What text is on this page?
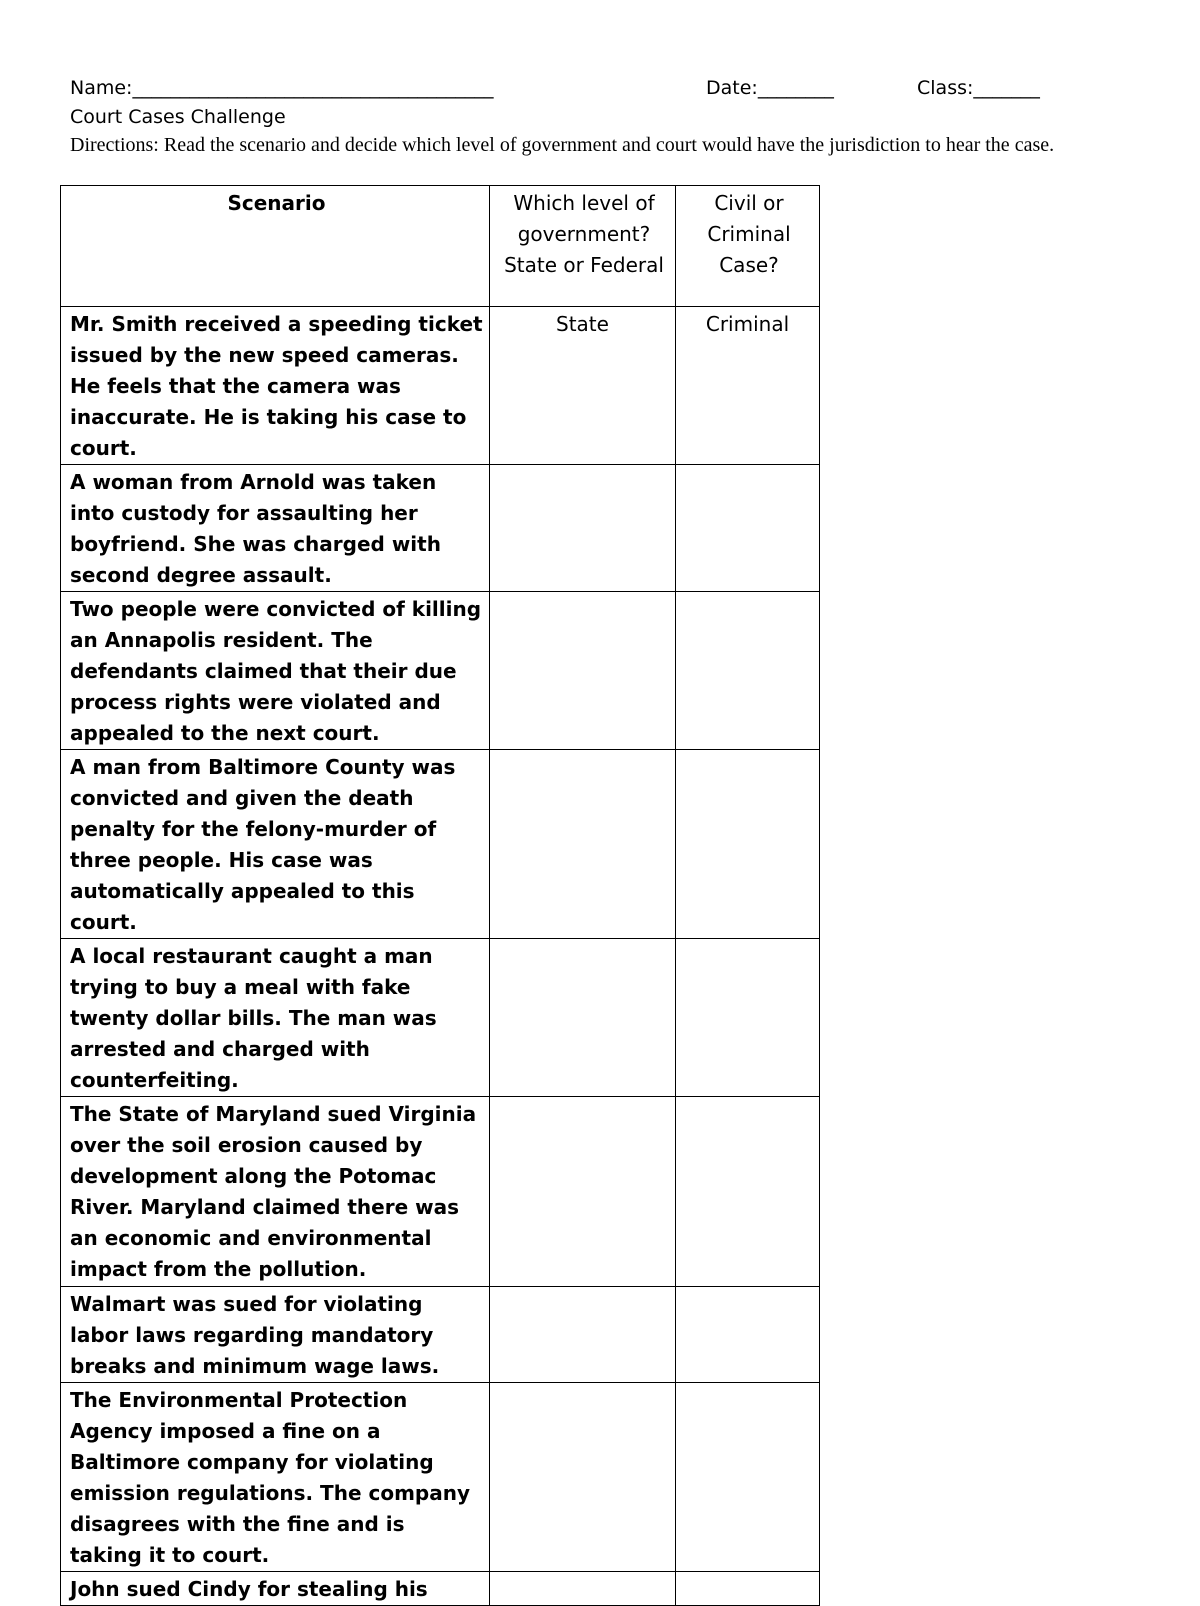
Name:______________________________________	Date:________	Class:_______
Court Cases Challenge
Directions: Read the scenario and decide which level of government and court would have the jurisdiction to hear the case.
Scenario	Which level of government? State or Federal	Civil or Criminal Case?
Mr. Smith received a speeding ticket issued by the new speed cameras. He feels that the camera was inaccurate. He is taking his case to court.	State	Criminal
A woman from Arnold was taken into custody for assaulting her boyfriend. She was charged with second degree assault.		
Two people were convicted of killing an Annapolis resident. The defendants claimed that their due process rights were violated and appealed to the next court.		
A man from Baltimore County was convicted and given the death penalty for the felony-murder of three people. His case was automatically appealed to this court.		
A local restaurant caught a man trying to buy a meal with fake twenty dollar bills. The man was arrested and charged with counterfeiting.		
The State of Maryland sued Virginia over the soil erosion caused by development along the Potomac River. Maryland claimed there was an economic and environmental impact from the pollution.		
Walmart was sued for violating labor laws regarding mandatory breaks and minimum wage laws.		
The Environmental Protection Agency imposed a fine on a Baltimore company for violating emission regulations. The company disagrees with the fine and is taking it to court.		
John sued Cindy for stealing his		
